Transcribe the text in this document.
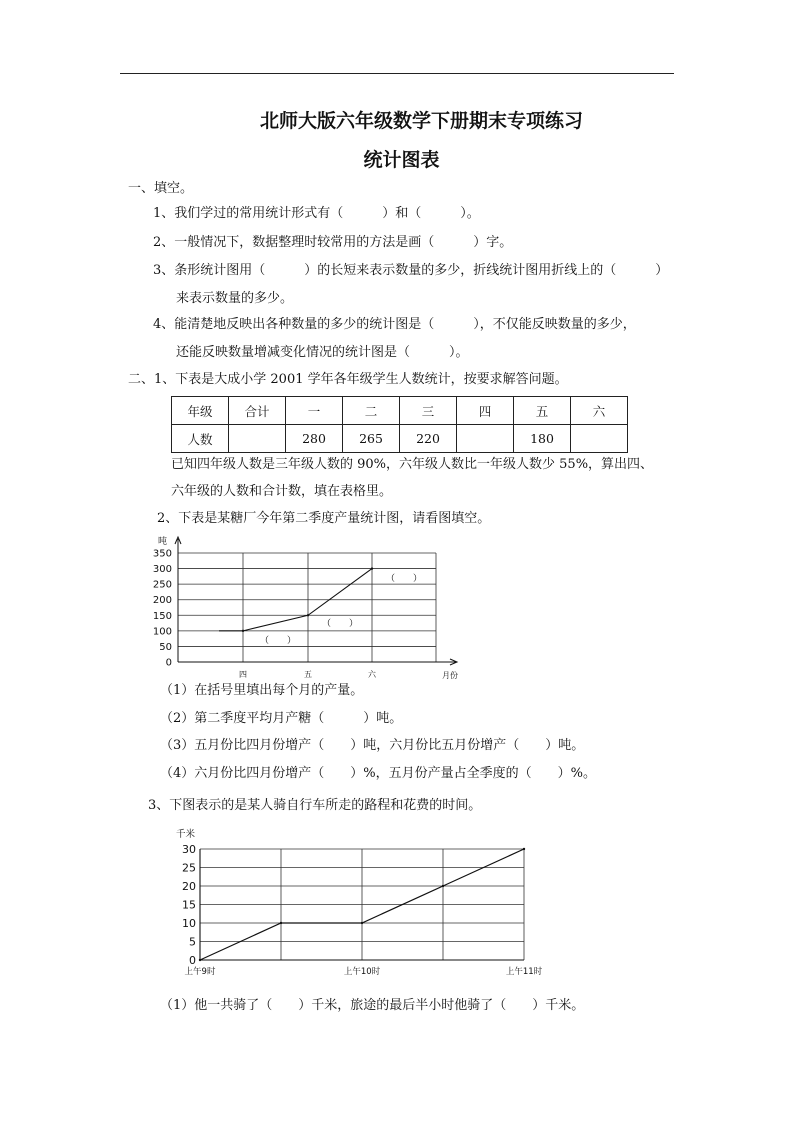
北师大版六年级数学下册期末专项练习
统计图表
一、填空。
1、我们学过的常用统计形式有（　　　）和（　　　）。
2、一般情况下，数据整理时较常用的方法是画（　　　）字。
3、条形统计图用（　　　）的长短来表示数量的多少，折线统计图用折线上的（　　　）
来表示数量的多少。
4、能清楚地反映出各种数量的多少的统计图是（　　　），不仅能反映数量的多少，
还能反映数量增减变化情况的统计图是（　　　）。
二、1、下表是大成小学 2001 学年各年级学生人数统计，按要求解答问题。
年级	合计	一	二	三	四	五	六
人数		280	265	220		180	
已知四年级人数是三年级人数的 90%，六年级人数比一年级人数少 55%，算出四、
六年级的人数和合计数，填在表格里。
2、下表是某糖厂今年第二季度产量统计图，请看图填空。
0
50
100
150
200
250
300
350
吨
月份
四	五	六
（　　）
（　　）
（　　）
（1）在括号里填出每个月的产量。
（2）第二季度平均月产糖（　　　）吨。
（3）五月份比四月份增产（　　）吨，六月份比五月份增产（　　）吨。
（4）六月份比四月份增产（　　）%，五月份产量占全季度的（　　）%。
3、下图表示的是某人骑自行车所走的路程和花费的时间。
0
5
10
15
20
25
30
千米
上午9时	上午10时	上午11时
（1）他一共骑了（　　）千米，旅途的最后半小时他骑了（　　）千米。
